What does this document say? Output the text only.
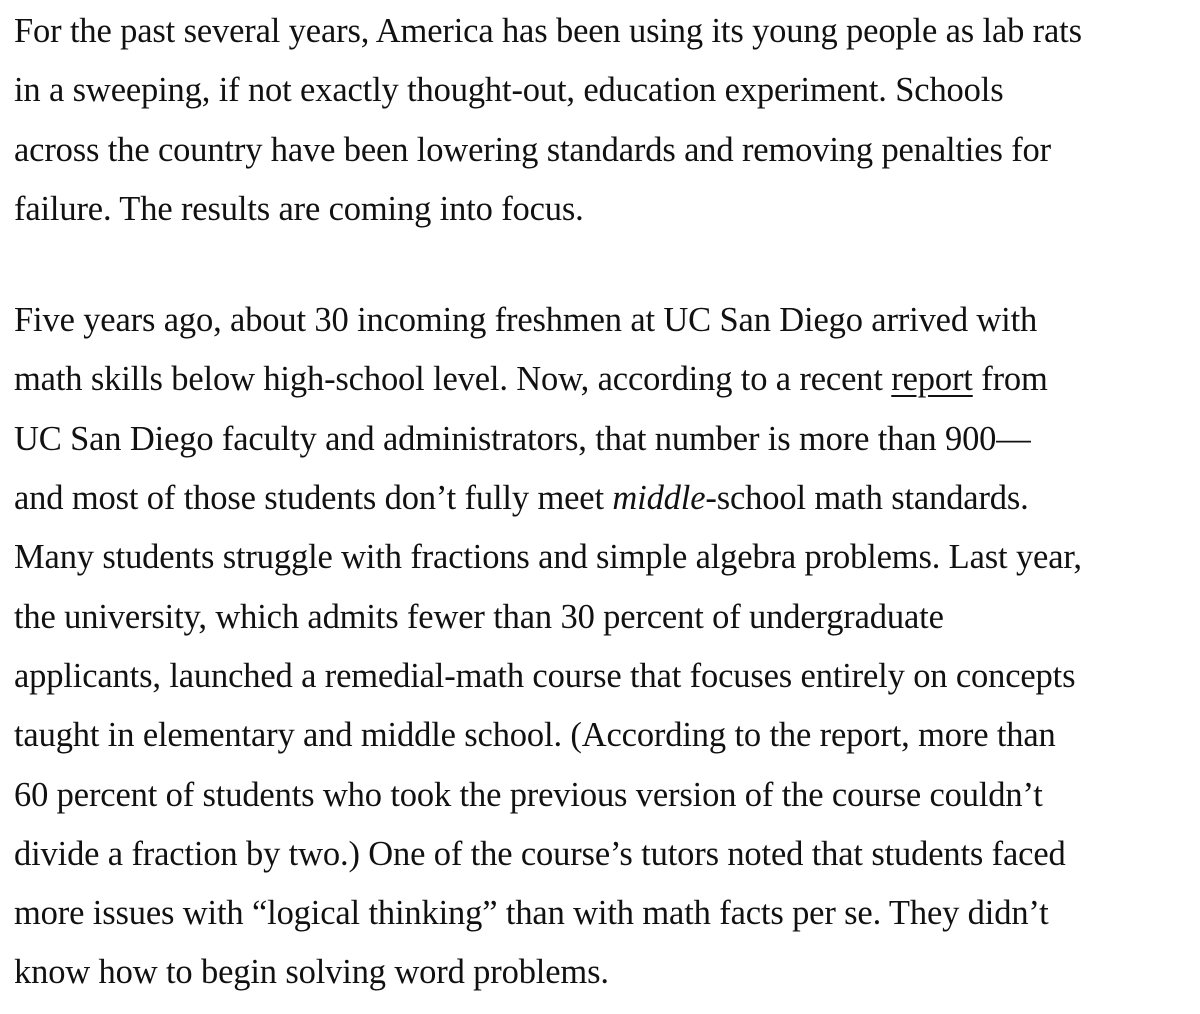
For the past several years, America has been using its young people as lab rats
in a sweeping, if not exactly thought-out, education experiment. Schools
across the country have been lowering standards and removing penalties for
failure. The results are coming into focus.

Five years ago, about 30 incoming freshmen at UC San Diego arrived with
math skills below high-school level. Now, according to a recent report from
UC San Diego faculty and administrators, that number is more than 900—
and most of those students don’t fully meet middle-school math standards.
Many students struggle with fractions and simple algebra problems. Last year,
the university, which admits fewer than 30 percent of undergraduate
applicants, launched a remedial-math course that focuses entirely on concepts
taught in elementary and middle school. (According to the report, more than
60 percent of students who took the previous version of the course couldn’t
divide a fraction by two.) One of the course’s tutors noted that students faced
more issues with “logical thinking” than with math facts per se. They didn’t
know how to begin solving word problems.
